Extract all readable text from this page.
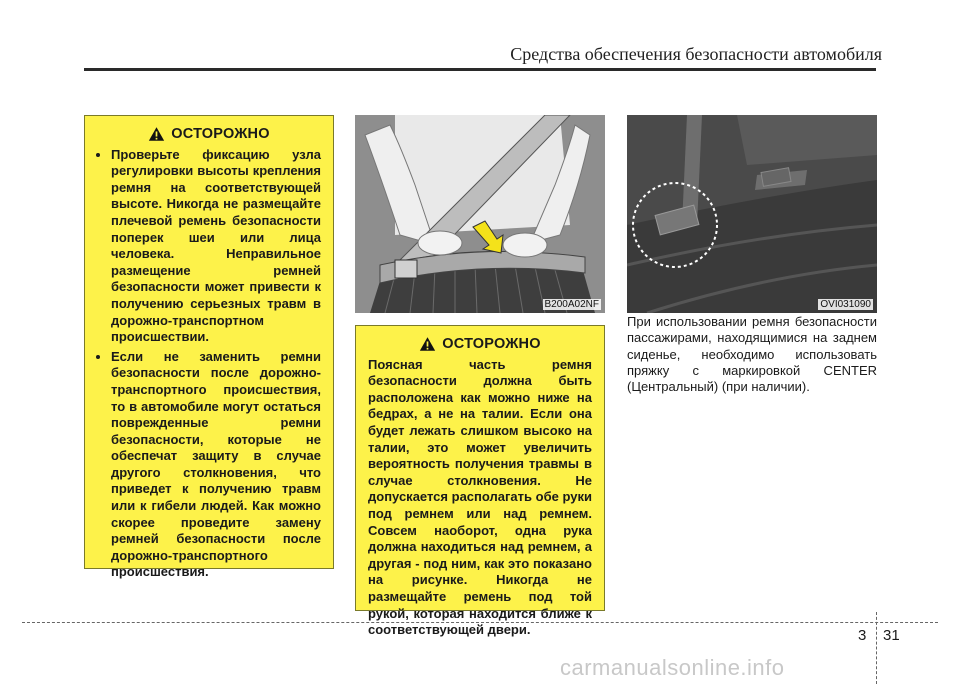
Средства обеспечения безопасности автомобиля
ОСТОРОЖНО
• Проверьте фиксацию узла регулировки высоты крепления ремня на соответствующей высоте. Никогда не размещайте плечевой ремень безопасности поперек шеи или лица человека. Неправильное размещение ремней безопасности может привести к получению серьезных травм в дорожно-транспортном происшествии.
• Если не заменить ремни безопасности после дорожно-транспортного происшествия, то в автомобиле могут остаться поврежденные ремни безопасности, которые не обеспечат защиту в случае другого столкновения, что приведет к получению травм или к гибели людей. Как можно скорее проведите замену ремней безопасности после дорожно-транспортного происшествия.
B200A02NF
ОСТОРОЖНО

Поясная часть ремня безопасности должна быть расположена как можно ниже на бедрах, а не на талии. Если она будет лежать слишком высоко на талии, это может увеличить вероятность получения травмы в случае столкновения. Не допускается располагать обе руки под ремнем или над ремнем. Совсем наоборот, одна рука должна находиться над ремнем, а другая - под ним, как это показано на рисунке. Никогда не размещайте ремень под той рукой, которая находится ближе к соответствующей двери.

OVI031090
При использовании ремня безопасности пассажирами, находящимися на заднем сиденье, необходимо использовать пряжку с маркировкой CENTER (Центральный) (при наличии).
3 31
carmanualsonline.info
